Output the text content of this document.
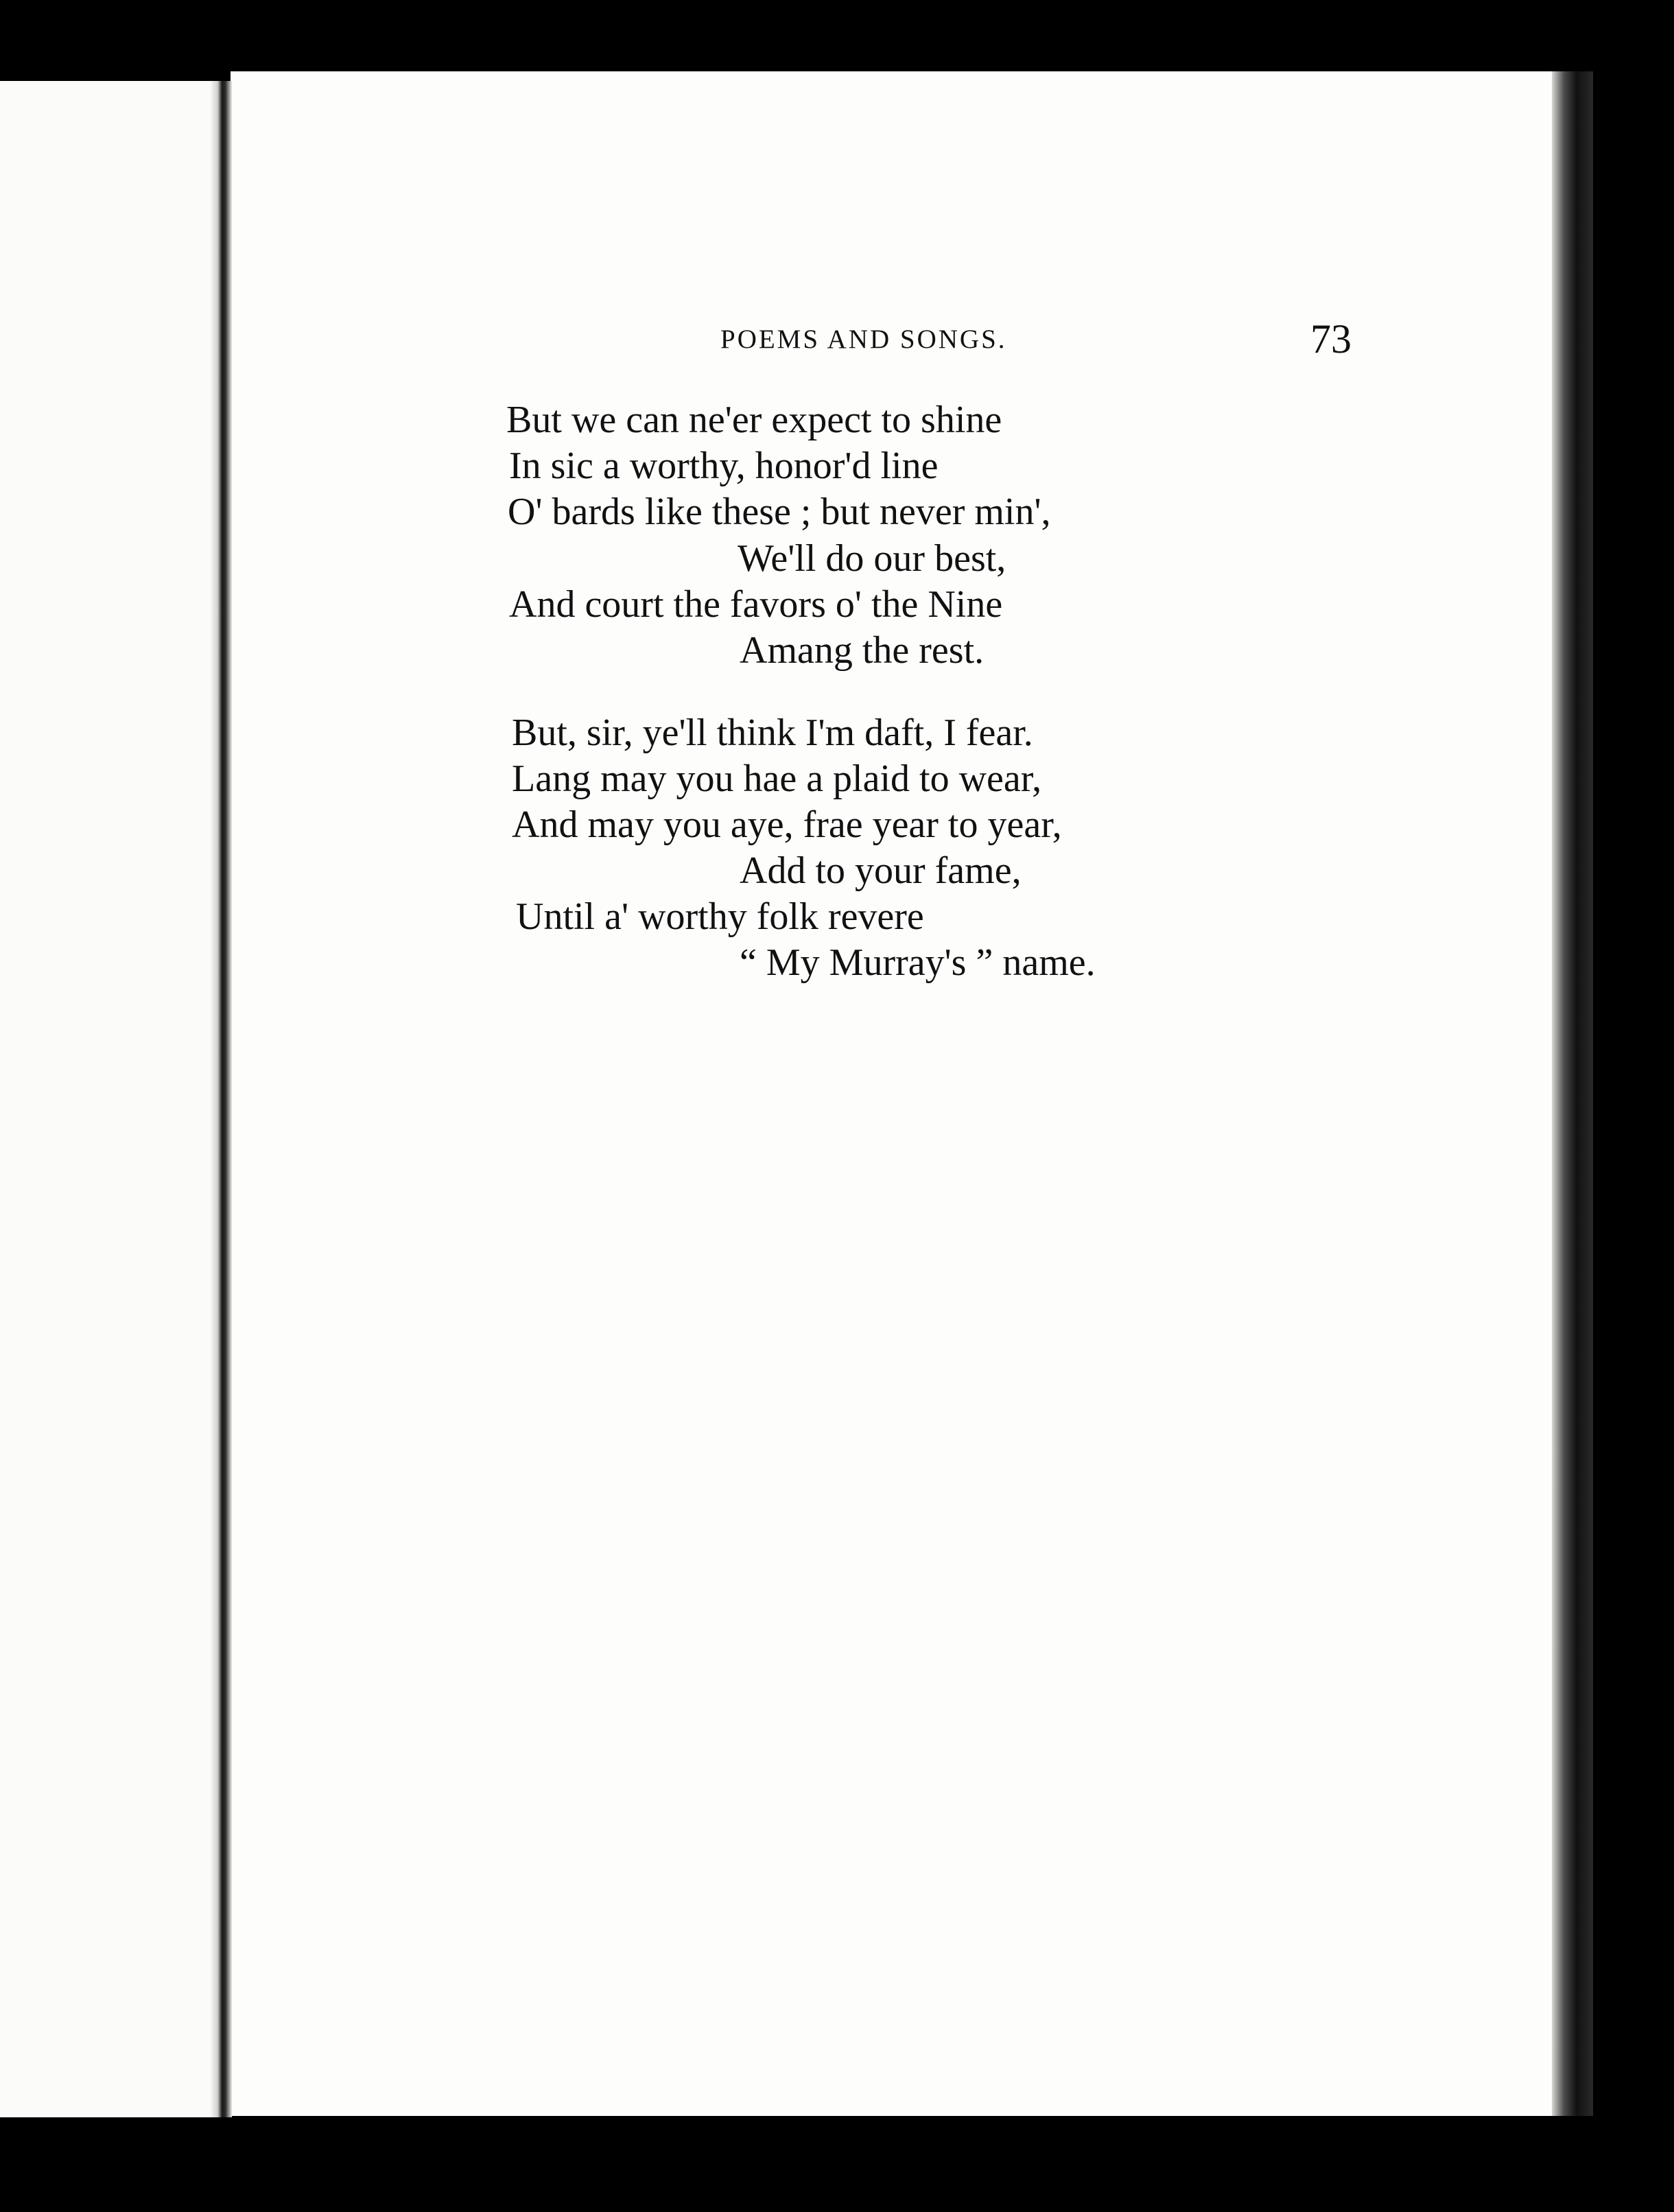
POEMS AND SONGS.	73
But we can ne'er expect to shine
In sic a worthy, honor'd line
O' bards like these ; but never min',
We'll do our best,
And court the favors o' the Nine
Amang the rest.
But, sir, ye'll think I'm daft, I fear.
Lang may you hae a plaid to wear,
And may you aye, frae year to year,
Add to your fame,
Until a' worthy folk revere
“ My Murray's ” name.
